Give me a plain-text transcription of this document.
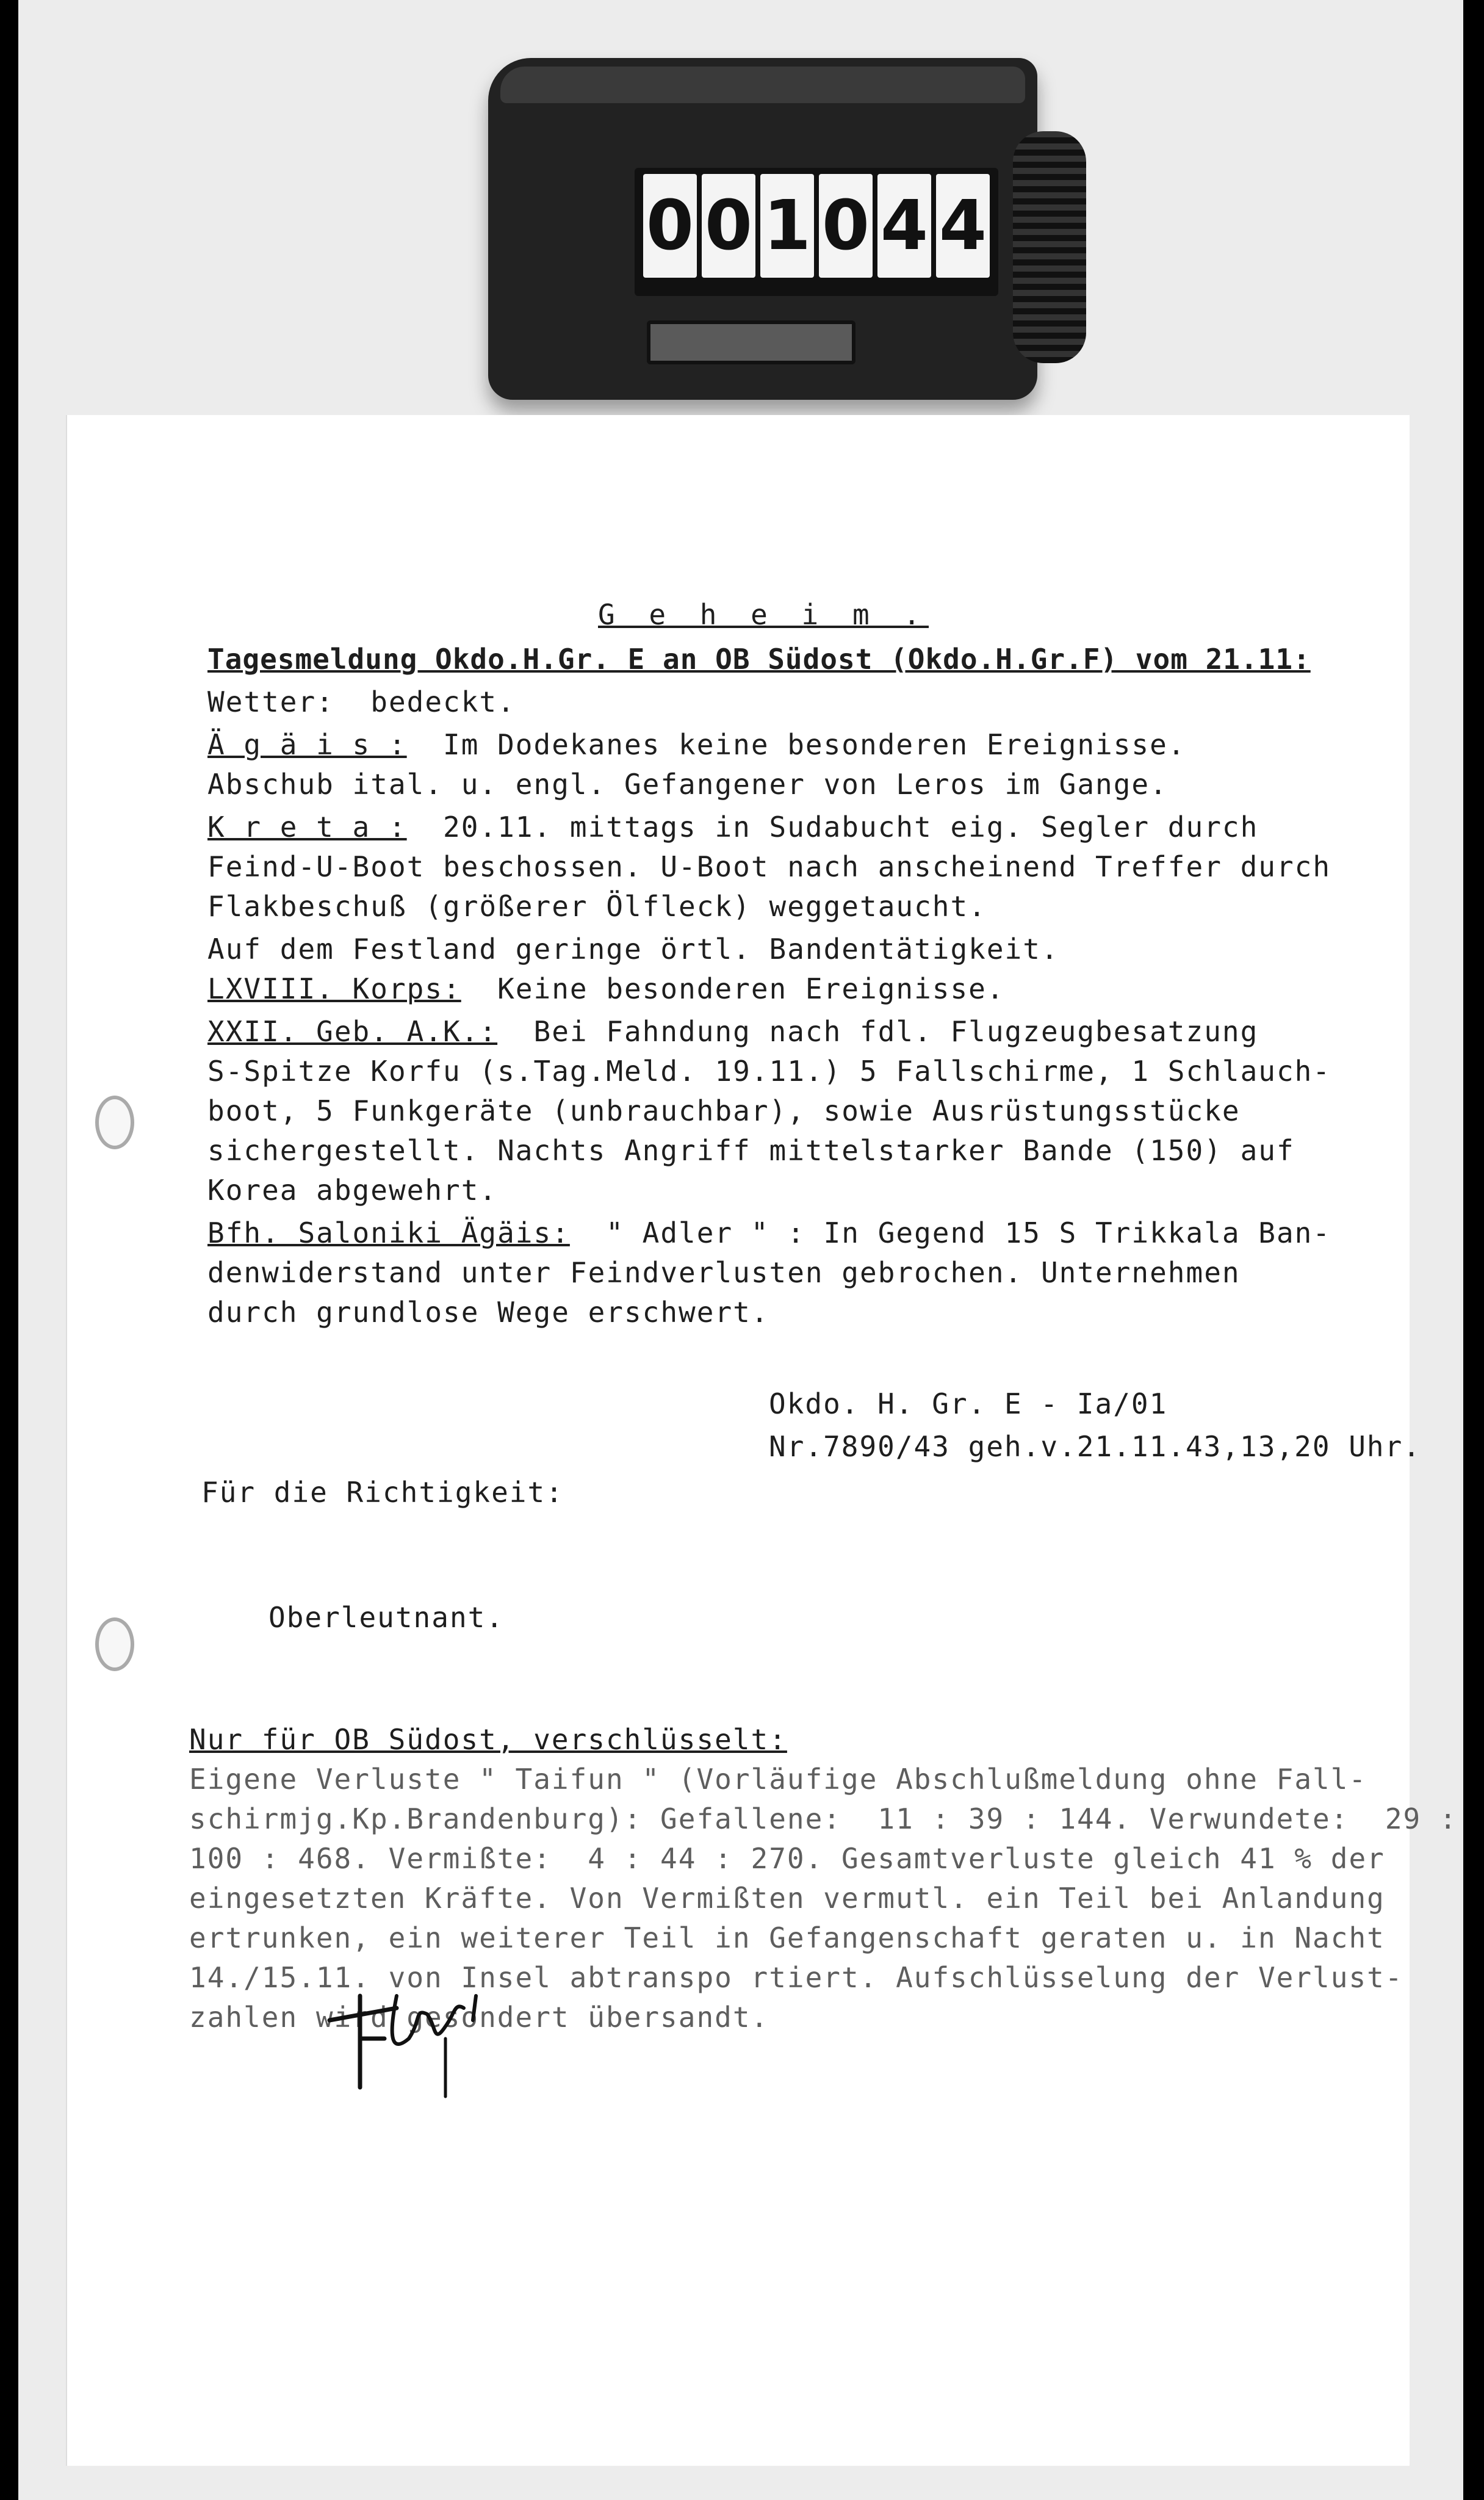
0 0 1 0 4 4
G e h e i m .
Tagesmeldung Okdo.H.Gr. E an OB Südost (Okdo.H.Gr.F) vom 21.11:
Wetter:  bedeckt.
Ä g ä i s :  Im Dodekanes keine besonderen Ereignisse.
Abschub ital. u. engl. Gefangener von Leros im Gange.
K r e t a :  20.11. mittags in Sudabucht eig. Segler durch
Feind-U-Boot beschossen. U-Boot nach anscheinend Treffer durch
Flakbeschuß (größerer Ölfleck) weggetaucht.
Auf dem Festland geringe örtl. Bandentätigkeit.
LXVIII. Korps:  Keine besonderen Ereignisse.
XXII. Geb. A.K.:  Bei Fahndung nach fdl. Flugzeugbesatzung
S-Spitze Korfu (s.Tag.Meld. 19.11.) 5 Fallschirme, 1 Schlauch-
boot, 5 Funkgeräte (unbrauchbar), sowie Ausrüstungsstücke
sichergestellt. Nachts Angriff mittelstarker Bande (150) auf
Korea abgewehrt.
Bfh. Saloniki Ägäis:  " Adler " : In Gegend 15 S Trikkala Ban-
denwiderstand unter Feindverlusten gebrochen. Unternehmen
durch grundlose Wege erschwert.
Okdo. H. Gr. E - Ia/01
Nr.7890/43 geh.v.21.11.43,13,20 Uhr.
Für die Richtigkeit:
Oberleutnant.
Nur für OB Südost, verschlüsselt:
Eigene Verluste " Taifun " (Vorläufige Abschlußmeldung ohne Fall-
schirmjg.Kp.Brandenburg): Gefallene:  11 : 39 : 144. Verwundete:  29 :
100 : 468. Vermißte:  4 : 44 : 270. Gesamtverluste gleich 41 % der
eingesetzten Kräfte. Von Vermißten vermutl. ein Teil bei Anlandung
ertrunken, ein weiterer Teil in Gefangenschaft geraten u. in Nacht
14./15.11. von Insel abtranspo rtiert. Aufschlüsselung der Verlust-
zahlen wird gesondert übersandt.
